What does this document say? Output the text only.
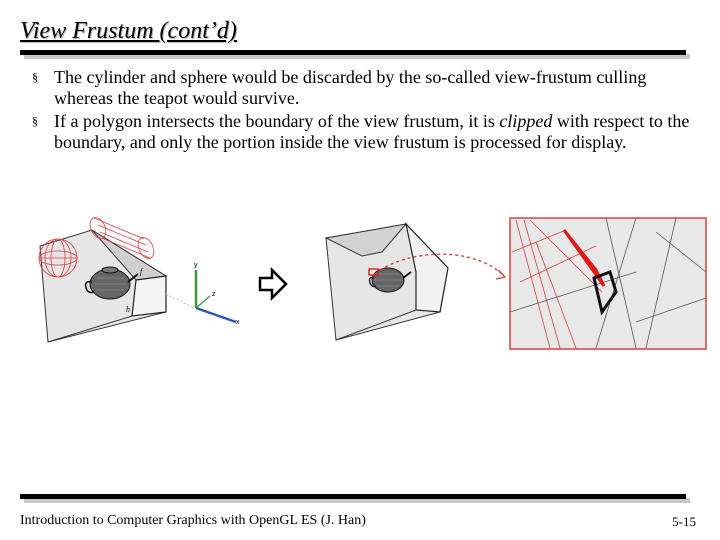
View Frustum (cont’d)
§ The cylinder and sphere would be discarded by the so-called view-frustum culling whereas the teapot would survive.
§ If a polygon intersects the boundary of the view frustum, it is clipped with respect to the boundary, and only the portion inside the view frustum is processed for display.
f
h
y
z
x
Introduction to Computer Graphics with OpenGL ES (J. Han)	5-15
